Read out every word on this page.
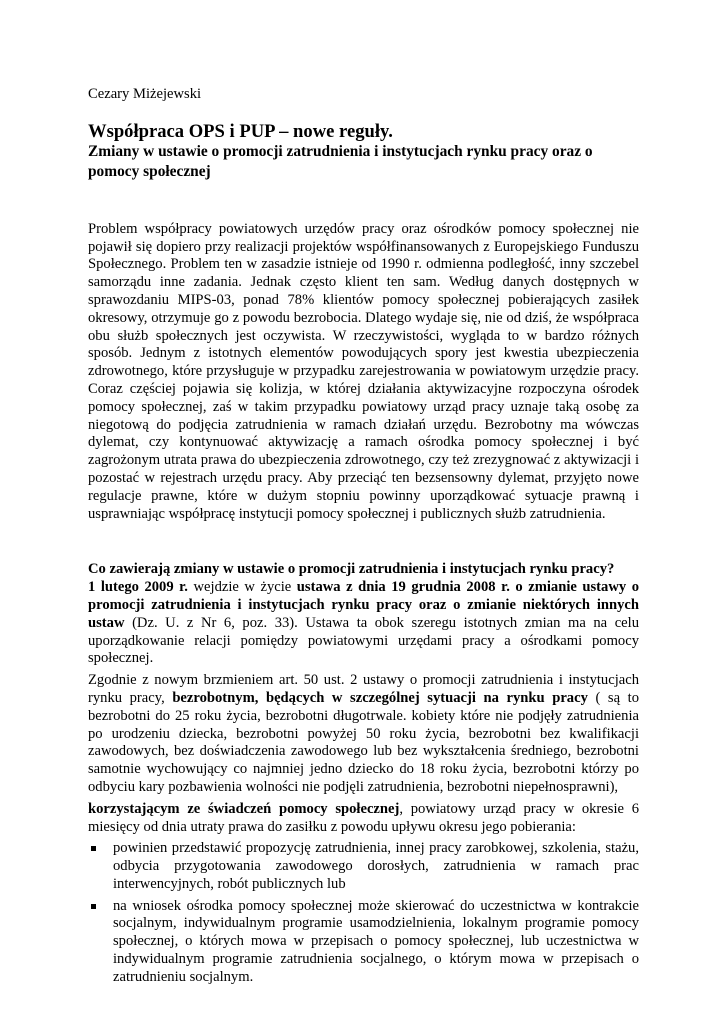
Cezary Miżejewski

Współpraca OPS i PUP – nowe reguły.
Zmiany w ustawie o promocji zatrudnienia i instytucjach rynku pracy oraz o pomocy społecznej

Problem współpracy powiatowych urzędów pracy oraz ośrodków pomocy społecznej nie pojawił się dopiero przy realizacji projektów współfinansowanych z Europejskiego Funduszu Społecznego. Problem ten w zasadzie istnieje od 1990 r. odmienna podległość, inny szczebel samorządu inne zadania. Jednak często klient ten sam. Według danych dostępnych w sprawozdaniu MIPS-03, ponad 78% klientów pomocy społecznej pobierających zasiłek okresowy, otrzymuje go z powodu bezrobocia. Dlatego wydaje się, nie od dziś, że współpraca obu służb społecznych jest oczywista. W rzeczywistości, wygląda to w bardzo różnych sposób. Jednym z istotnych elementów powodujących spory jest kwestia ubezpieczenia zdrowotnego, które przysługuje w przypadku zarejestrowania w powiatowym urzędzie pracy. Coraz częściej pojawia się kolizja, w której działania aktywizacyjne rozpoczyna ośrodek pomocy społecznej, zaś w takim przypadku powiatowy urząd pracy uznaje taką osobę za niegotową do podjęcia zatrudnienia w ramach działań urzędu. Bezrobotny ma wówczas dylemat, czy kontynuować aktywizację a ramach ośrodka pomocy społecznej i być zagrożonym utrata prawa do ubezpieczenia zdrowotnego, czy też zrezygnować z aktywizacji i pozostać w rejestrach urzędu pracy. Aby przeciąć ten bezsensowny dylemat, przyjęto nowe regulacje prawne, które w dużym stopniu powinny uporządkować sytuacje prawną i usprawniając współpracę instytucji pomocy społecznej i publicznych służb zatrudnienia.

Co zawierają zmiany w ustawie o promocji zatrudnienia i instytucjach rynku pracy?

1 lutego 2009 r. wejdzie w życie ustawa z dnia 19 grudnia 2008 r. o zmianie ustawy o promocji zatrudnienia i instytucjach rynku pracy oraz o zmianie niektórych innych ustaw (Dz. U. z Nr 6, poz. 33). Ustawa ta obok szeregu istotnych zmian ma na celu uporządkowanie relacji pomiędzy powiatowymi urzędami pracy a ośrodkami pomocy społecznej.

Zgodnie z nowym brzmieniem art. 50 ust. 2 ustawy o promocji zatrudnienia i instytucjach rynku pracy, bezrobotnym, będących w szczególnej sytuacji na rynku pracy ( są to bezrobotni do 25 roku życia, bezrobotni długotrwale. kobiety które nie podjęły zatrudnienia po urodzeniu dziecka, bezrobotni powyżej 50 roku życia, bezrobotni bez kwalifikacji zawodowych, bez doświadczenia zawodowego lub bez wykształcenia średniego, bezrobotni samotnie wychowujący co najmniej jedno dziecko do 18 roku życia, bezrobotni którzy po odbyciu kary pozbawienia wolności nie podjęli zatrudnienia, bezrobotni niepełnosprawni),

korzystającym ze świadczeń pomocy społecznej, powiatowy urząd pracy w okresie 6 miesięcy od dnia utraty prawa do zasiłku z powodu upływu okresu jego pobierania:

powinien przedstawić propozycję zatrudnienia, innej pracy zarobkowej, szkolenia, stażu, odbycia przygotowania zawodowego dorosłych, zatrudnienia w ramach prac interwencyjnych, robót publicznych lub
na wniosek ośrodka pomocy społecznej może skierować do uczestnictwa w kontrakcie socjalnym, indywidualnym programie usamodzielnienia, lokalnym programie pomocy społecznej, o których mowa w przepisach o pomocy społecznej, lub uczestnictwa w indywidualnym programie zatrudnienia socjalnego, o którym mowa w przepisach o zatrudnieniu socjalnym.
